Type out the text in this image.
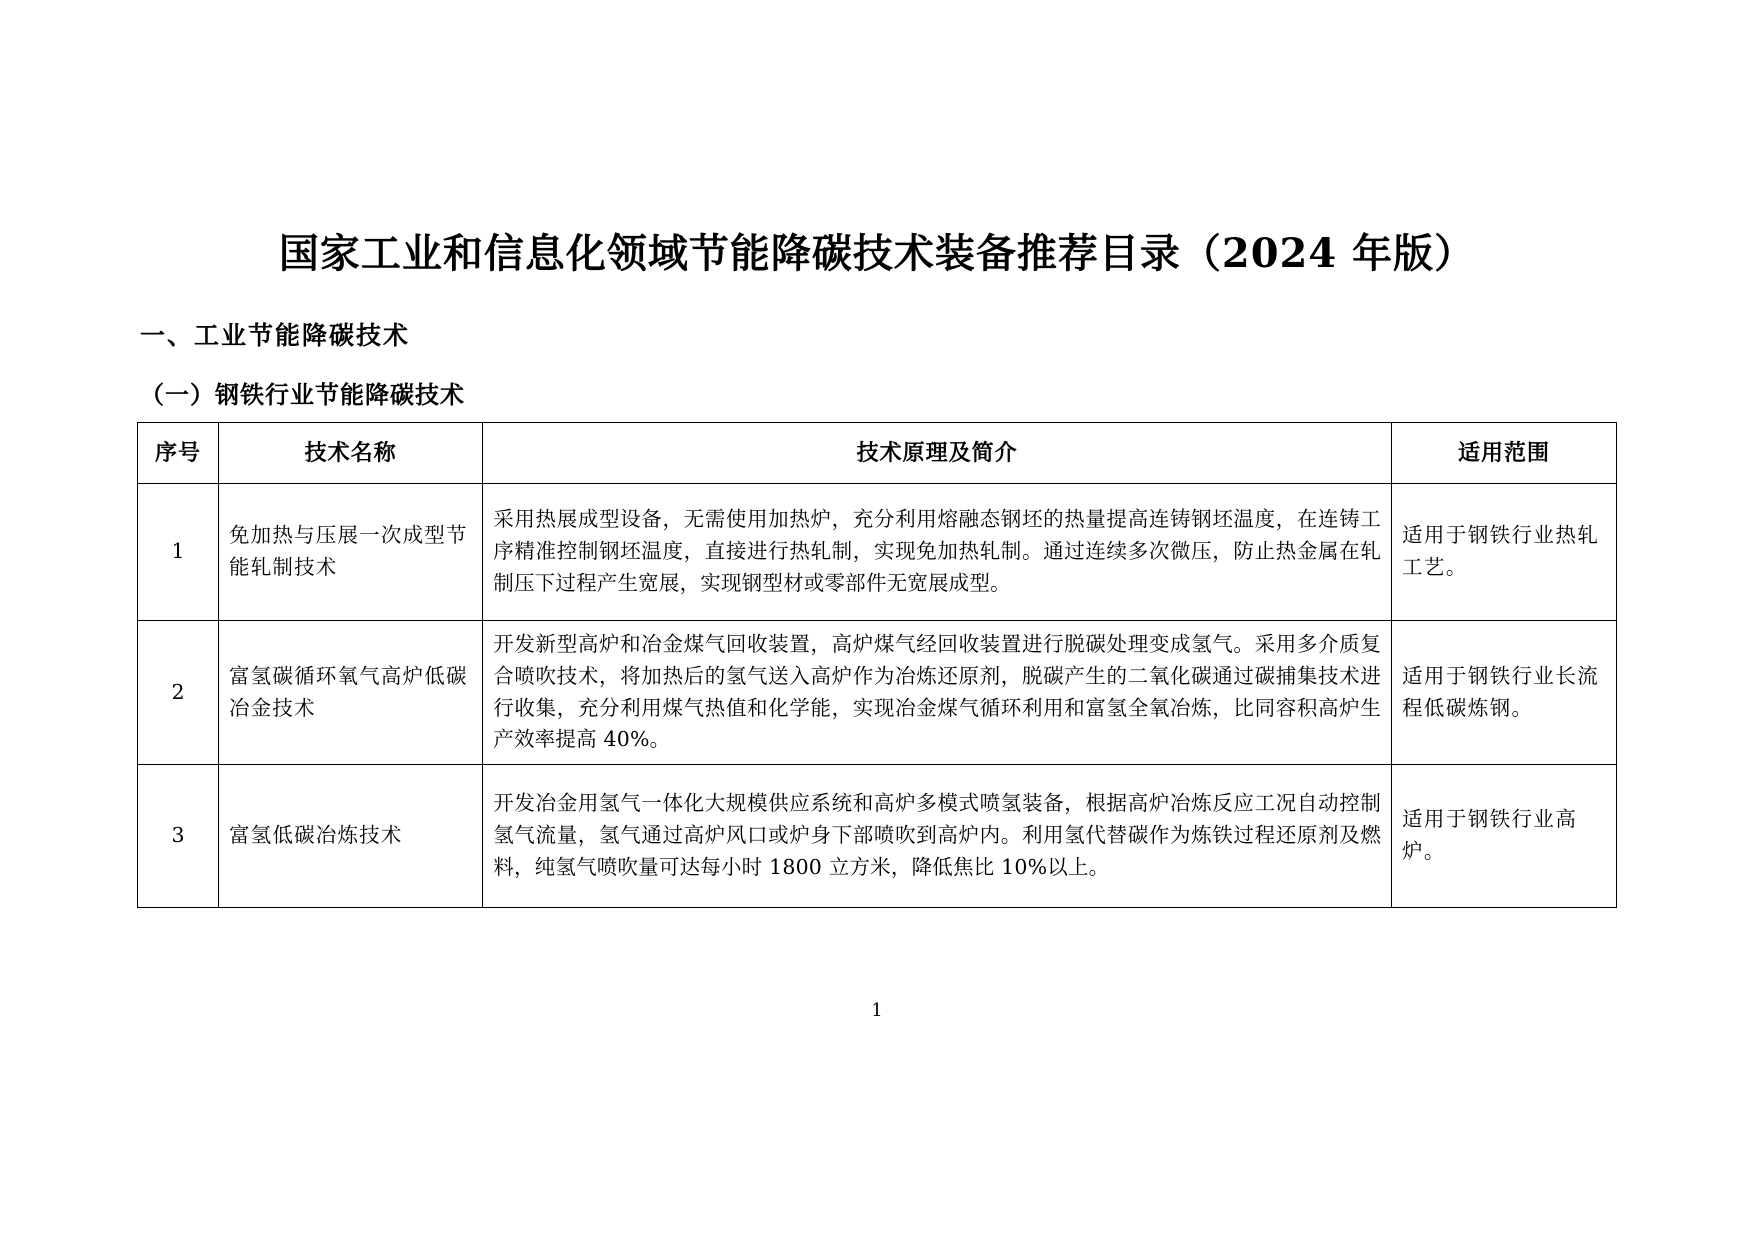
国家工业和信息化领域节能降碳技术装备推荐目录（2024 年版）
一、工业节能降碳技术
（一）钢铁行业节能降碳技术
序号	技术名称	技术原理及简介	适用范围
1	免加热与压展一次成型节能轧制技术	采用热展成型设备，无需使用加热炉，充分利用熔融态钢坯的热量提高连铸钢坯温度，在连铸工序精准控制钢坯温度，直接进行热轧制，实现免加热轧制。通过连续多次微压，防止热金属在轧制压下过程产生宽展，实现钢型材或零部件无宽展成型。	适用于钢铁行业热轧工艺。
2	富氢碳循环氧气高炉低碳冶金技术	开发新型高炉和冶金煤气回收装置，高炉煤气经回收装置进行脱碳处理变成氢气。采用多介质复合喷吹技术，将加热后的氢气送入高炉作为冶炼还原剂，脱碳产生的二氧化碳通过碳捕集技术进行收集，充分利用煤气热值和化学能，实现冶金煤气循环利用和富氢全氧冶炼，比同容积高炉生产效率提高 40%。	适用于钢铁行业长流程低碳炼钢。
3	富氢低碳冶炼技术	开发冶金用氢气一体化大规模供应系统和高炉多模式喷氢装备，根据高炉冶炼反应工况自动控制氢气流量，氢气通过高炉风口或炉身下部喷吹到高炉内。利用氢代替碳作为炼铁过程还原剂及燃料，纯氢气喷吹量可达每小时 1800 立方米，降低焦比 10%以上。	适用于钢铁行业高炉。
1
